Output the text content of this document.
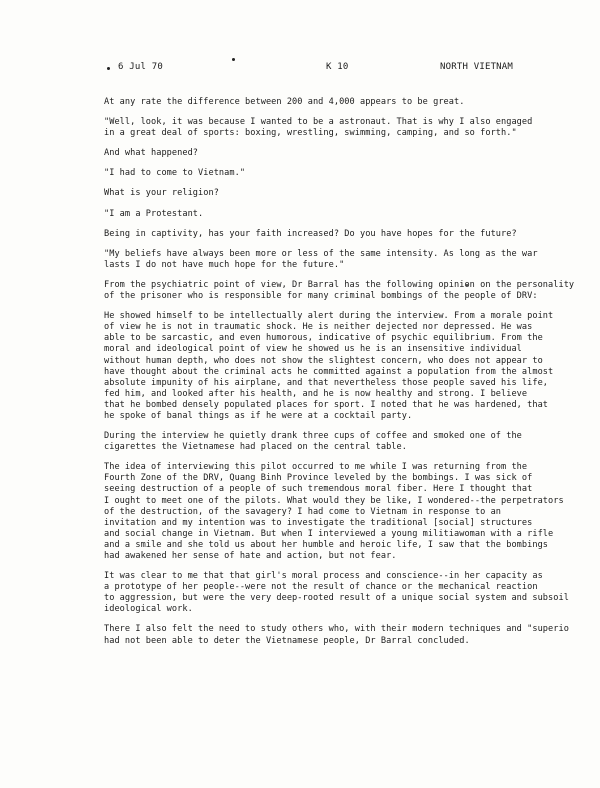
6 Jul 70	K 10	NORTH VIETNAM

At any rate the difference between 200 and 4,000 appears to be great.

"Well, look, it was because I wanted to be a astronaut. That is why I also engaged
in a great deal of sports: boxing, wrestling, swimming, camping, and so forth."

And what happened?

"I had to come to Vietnam."

What is your religion?

"I am a Protestant.

Being in captivity, has your faith increased? Do you have hopes for the future?

"My beliefs have always been more or less of the same intensity. As long as the war
lasts I do not have much hope for the future."

From the psychiatric point of view, Dr Barral has the following opinion on the personality
of the prisoner who is responsible for many criminal bombings of the people of DRV:

He showed himself to be intellectually alert during the interview. From a morale point
of view he is not in traumatic shock. He is neither dejected nor depressed. He was
able to be sarcastic, and even humorous, indicative of psychic equilibrium. From the
moral and ideological point of view he showed us he is an insensitive individual
without human depth, who does not show the slightest concern, who does not appear to
have thought about the criminal acts he committed against a population from the almost
absolute impunity of his airplane, and that nevertheless those people saved his life,
fed him, and looked after his health, and he is now healthy and strong. I believe
that he bombed densely populated places for sport. I noted that he was hardened, that
he spoke of banal things as if he were at a cocktail party.

During the interview he quietly drank three cups of coffee and smoked one of the
cigarettes the Vietnamese had placed on the central table.

The idea of interviewing this pilot occurred to me while I was returning from the
Fourth Zone of the DRV, Quang Binh Province leveled by the bombings. I was sick of
seeing destruction of a people of such tremendous moral fiber. Here I thought that
I ought to meet one of the pilots. What would they be like, I wondered--the perpetrators
of the destruction, of the savagery? I had come to Vietnam in response to an
invitation and my intention was to investigate the traditional [social] structures
and social change in Vietnam. But when I interviewed a young militiawoman with a rifle
and a smile and she told us about her humble and heroic life, I saw that the bombings
had awakened her sense of hate and action, but not fear.

It was clear to me that that girl's moral process and conscience--in her capacity as
a prototype of her people--were not the result of chance or the mechanical reaction
to aggression, but were the very deep-rooted result of a unique social system and subsoil
ideological work.

There I also felt the need to study others who, with their modern techniques and "superio
had not been able to deter the Vietnamese people, Dr Barral concluded.
